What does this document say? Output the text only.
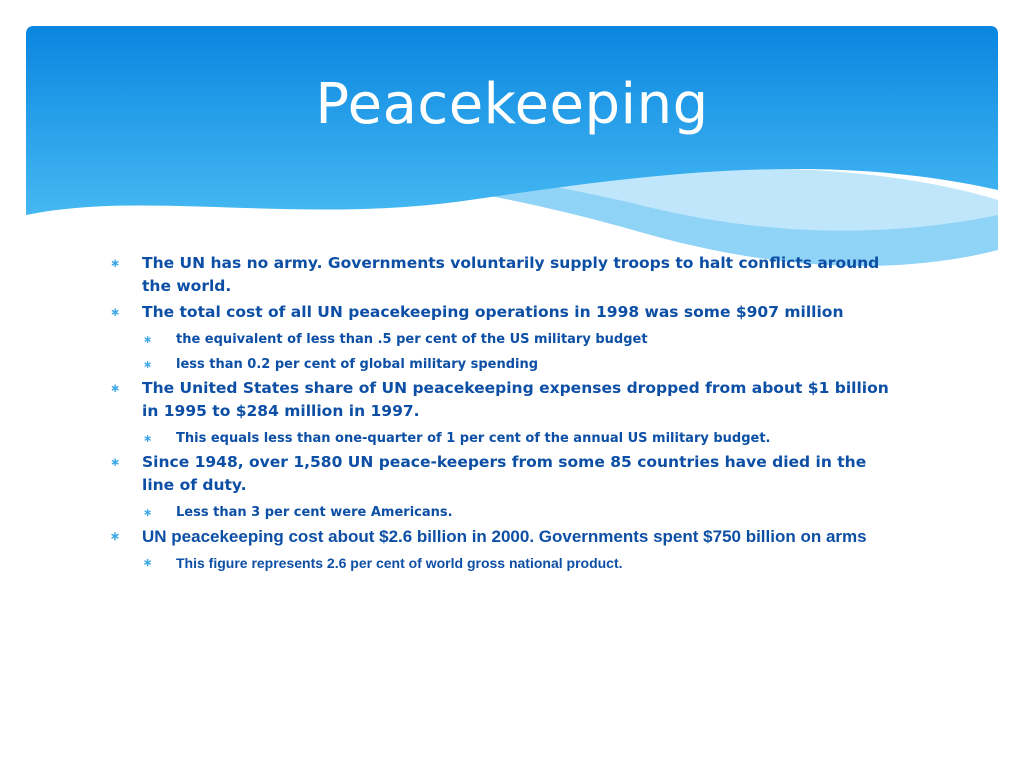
Peacekeeping
∗ The UN has no army. Governments voluntarily supply troops to halt conflicts around the world.
∗ The total cost of all UN peacekeeping operations in 1998 was some $907 million
∗ the equivalent of less than .5 per cent of the US military budget
∗ less than 0.2 per cent of global military spending
∗ The United States share of UN peacekeeping expenses dropped from about $1 billion in 1995 to $284 million in 1997.
∗ This equals less than one-quarter of 1 per cent of the annual US military budget.
∗ Since 1948, over 1,580 UN peace-keepers from some 85 countries have died in the line of duty.
∗ Less than 3 per cent were Americans.
∗ UN peacekeeping cost about $2.6 billion in 2000. Governments spent $750 billion on arms
∗ This figure represents 2.6 per cent of world gross national product.
